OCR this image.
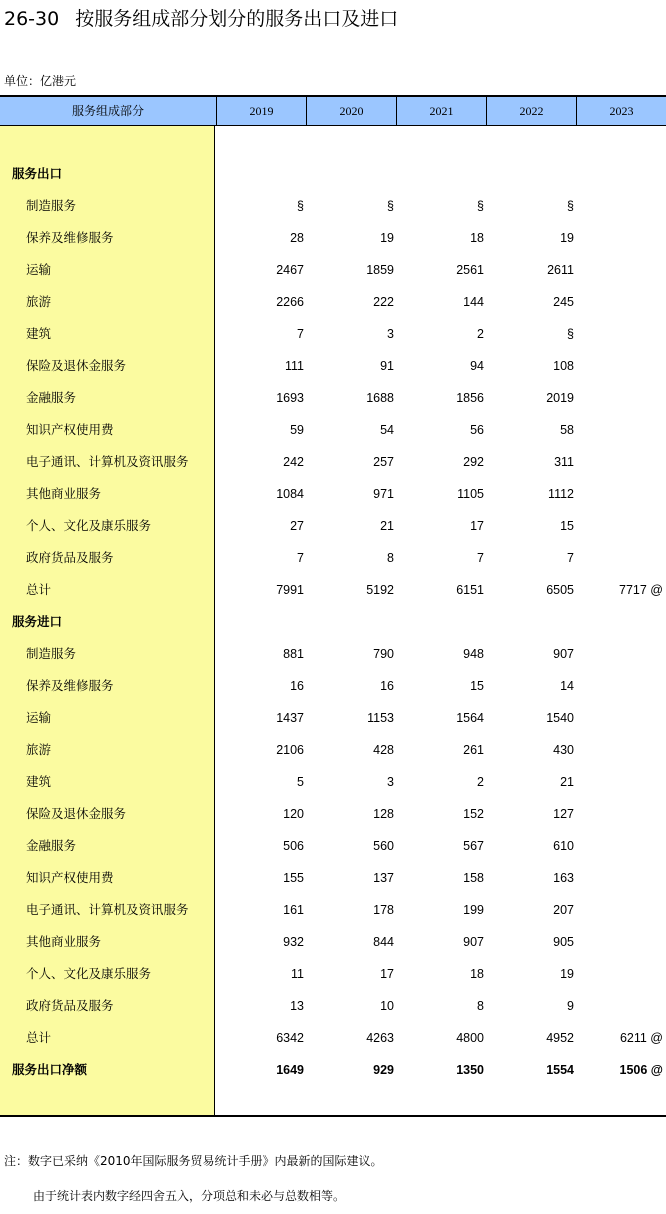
26-30 按服务组成部分划分的服务出口及进口
单位：亿港元
服务组成部分	2019	2020	2021	2022	2023
服务出口
制造服务	§	§	§	§
保养及维修服务	28	19	18	19
运输	2467	1859	2561	2611
旅游	2266	222	144	245
建筑	7	3	2	§
保险及退休金服务	111	91	94	108
金融服务	1693	1688	1856	2019
知识产权使用费	59	54	56	58
电子通讯、计算机及资讯服务	242	257	292	311
其他商业服务	1084	971	1105	1112
个人、文化及康乐服务	27	21	17	15
政府货品及服务	7	8	7	7
总计	7991	5192	6151	6505	7717 @
服务进口
制造服务	881	790	948	907
保养及维修服务	16	16	15	14
运输	1437	1153	1564	1540
旅游	2106	428	261	430
建筑	5	3	2	21
保险及退休金服务	120	128	152	127
金融服务	506	560	567	610
知识产权使用费	155	137	158	163
电子通讯、计算机及资讯服务	161	178	199	207
其他商业服务	932	844	907	905
个人、文化及康乐服务	11	17	18	19
政府货品及服务	13	10	8	9
总计	6342	4263	4800	4952	6211 @
服务出口净额	1649	929	1350	1554	1506 @
注：数字已采纳《2010年国际服务贸易统计手册》内最新的国际建议。
由于统计表内数字经四舍五入，分项总和未必与总数相等。
